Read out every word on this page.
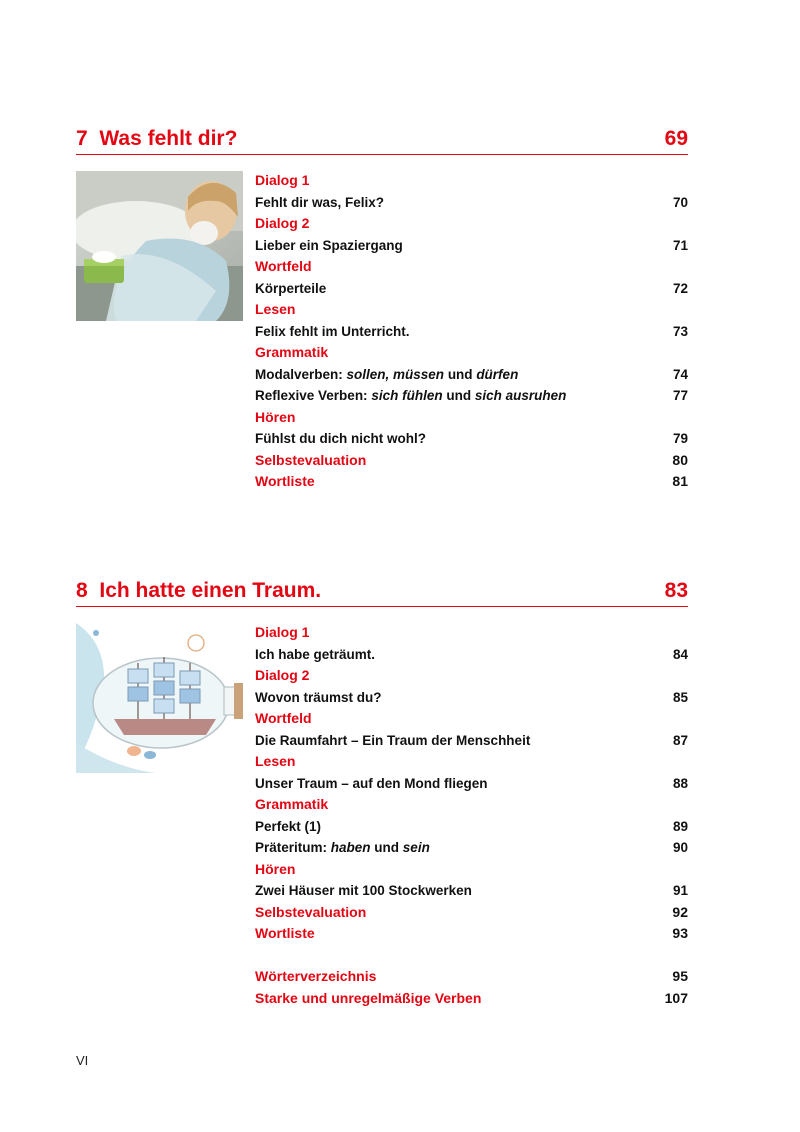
7 Was fehlt dir?	69
Dialog 1
Fehlt dir was, Felix?	70
Dialog 2
Lieber ein Spaziergang	71
Wortfeld
Körperteile	72
Lesen
Felix fehlt im Unterricht.	73
Grammatik
Modalverben: sollen, müssen und dürfen	74
Reflexive Verben: sich fühlen und sich ausruhen	77
Hören
Fühlst du dich nicht wohl?	79
Selbstevaluation	80
Wortliste	81
8 Ich hatte einen Traum.	83
Dialog 1
Ich habe geträumt.	84
Dialog 2
Wovon träumst du?	85
Wortfeld
Die Raumfahrt – Ein Traum der Menschheit	87
Lesen
Unser Traum – auf den Mond fliegen	88
Grammatik
Perfekt (1)	89
Präteritum: haben und sein	90
Hören
Zwei Häuser mit 100 Stockwerken	91
Selbstevaluation	92
Wortliste	93
Wörterverzeichnis	95
Starke und unregelmäßige Verben	107
VI
